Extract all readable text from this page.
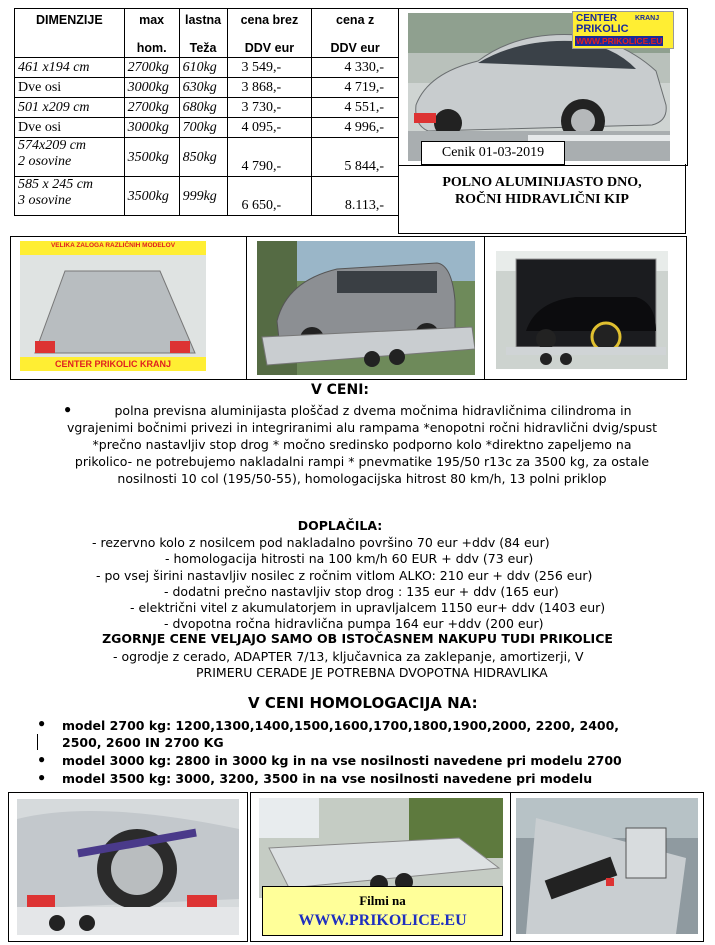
DIMENZIJE	max	lastna	cena brez	cena z
	hom.	Teža	DDV eur	DDV eur
461 x194 cm	2700kg	610kg	3 549,-	4 330,-
Dve osi	3000kg	630kg	3 868,-	4 719,-
501 x209 cm	2700kg	680kg	3 730,-	4 551,-
Dve osi	3000kg	700kg	4 095,-	4 996,-

574x209 cm
2 osovine	3500kg	850kg	4 790,-	5 844,-

585 x 245 cm
3 osovine	3500kg	999kg	6 650,-	8.113,-
CENTER	KRANJ
PRIKOLIC
WWW.PRIKOLICE.EU
Cenik 01-03-2019
POLNO ALUMINIJASTO DNO,
ROČNI HIDRAVLIČNI KIP
VELIKA ZALOGA RAZLIČNIH MODELOV
CENTER PRIKOLIC KRANJ
V CENI:
●	polna previsna aluminijasta ploščad z dvema močnima hidravličnima cilindroma in vgrajenimi bočnimi privezi in integriranimi alu rampama *enopotni ročni hidravlični dvig/spust *prečno nastavljiv stop drog * močno sredinsko podporno kolo *direktno zapeljemo na prikolico- ne potrebujemo nakladalni rampi * pnevmatike 195/50 r13c za 3500 kg, za ostale nosilnosti 10 col (195/50-55), homologacijska hitrost 80 km/h, 13 polni priklop
DOPLAČILA:
- rezervno kolo z nosilcem pod nakladalno površino 70 eur +ddv (84 eur)
- homologacija hitrosti na 100 km/h 60 EUR + ddv (73 eur)
- po vsej širini nastavljiv nosilec z ročnim vitlom ALKO: 210 eur + ddv (256 eur)
- dodatni prečno nastavljiv stop drog : 135 eur + ddv (165 eur)
- električni vitel z akumulatorjem in upravljalcem 1150 eur+ ddv (1403 eur)
- dvopotna ročna hidravlična pumpa 164 eur +ddv (200 eur)
ZGORNJE CENE VELJAJO SAMO OB ISTOČASNEM NAKUPU TUDI PRIKOLICE
- ogrodje z cerado, ADAPTER 7/13, ključavnica za zaklepanje, amortizerji, V
PRIMERU CERADE JE POTREBNA DVOPOTNA HIDRAVLIKA
V CENI HOMOLOGACIJA NA:
● model 2700 kg: 1200,1300,1400,1500,1600,1700,1800,1900,2000, 2200, 2400,
2500, 2600 IN 2700 KG
● model 3000 kg: 2800 in 3000 kg in na vse nosilnosti navedene pri modelu 2700
● model 3500 kg: 3000, 3200, 3500 in na vse nosilnosti navedene pri modelu
Filmi na
WWW.PRIKOLICE.EU
